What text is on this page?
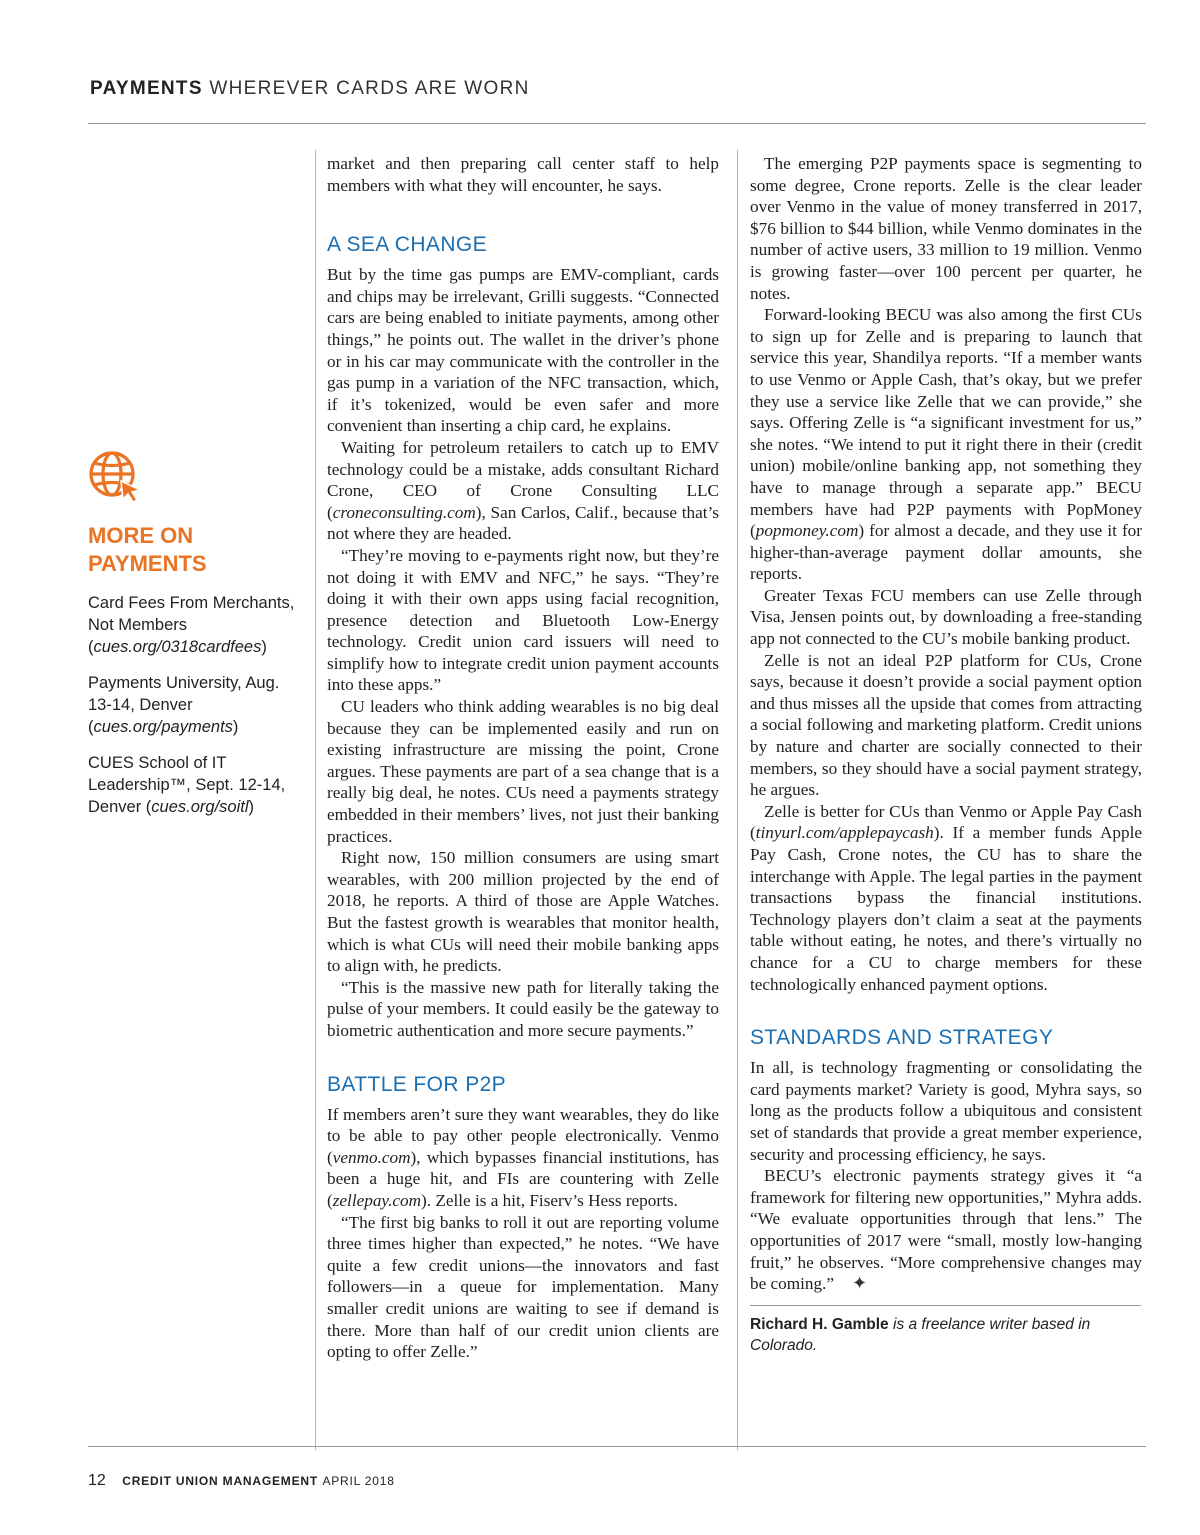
PAYMENTS WHEREVER CARDS ARE WORN
MORE ON PAYMENTS
Card Fees From Merchants, Not Members (cues.org/0318cardfees)
Payments University, Aug. 13-14, Denver (cues.org/payments)
CUES School of IT Leadership™, Sept. 12-14, Denver (cues.org/soitl)

market and then preparing call center staff to help members with what they will encounter, he says.

A SEA CHANGE

But by the time gas pumps are EMV-compliant, cards and chips may be irrelevant, Grilli suggests. “Connected cars are being enabled to initiate payments, among other things,” he points out. The wallet in the driver’s phone or in his car may communicate with the controller in the gas pump in a variation of the NFC transaction, which, if it’s tokenized, would be even safer and more convenient than inserting a chip card, he explains.

Waiting for petroleum retailers to catch up to EMV technology could be a mistake, adds consultant Richard Crone, CEO of Crone Consulting LLC (croneconsulting.com), San Carlos, Calif., because that’s not where they are headed.

“They’re moving to e-payments right now, but they’re not doing it with EMV and NFC,” he says. “They’re doing it with their own apps using facial recognition, presence detection and Bluetooth Low-Energy technology. Credit union card issuers will need to simplify how to integrate credit union payment accounts into these apps.”

CU leaders who think adding wearables is no big deal because they can be implemented easily and run on existing infrastructure are missing the point, Crone argues. These payments are part of a sea change that is a really big deal, he notes. CUs need a payments strategy embedded in their members’ lives, not just their banking practices.

Right now, 150 million consumers are using smart wearables, with 200 million projected by the end of 2018, he reports. A third of those are Apple Watches. But the fastest growth is wearables that monitor health, which is what CUs will need their mobile banking apps to align with, he predicts.

“This is the massive new path for literally taking the pulse of your members. It could easily be the gateway to biometric authentication and more secure payments.”

BATTLE FOR P2P

If members aren’t sure they want wearables, they do like to be able to pay other people electronically. Venmo (venmo.com), which bypasses financial institutions, has been a huge hit, and FIs are countering with Zelle (zellepay.com). Zelle is a hit, Fiserv’s Hess reports.

“The first big banks to roll it out are reporting volume three times higher than expected,” he notes. “We have quite a few credit unions—the innovators and fast followers—in a queue for implementation. Many smaller credit unions are waiting to see if demand is there. More than half of our credit union clients are opting to offer Zelle.”

The emerging P2P payments space is segmenting to some degree, Crone reports. Zelle is the clear leader over Venmo in the value of money transferred in 2017, $76 billion to $44 billion, while Venmo dominates in the number of active users, 33 million to 19 million. Venmo is growing faster—over 100 percent per quarter, he notes.

Forward-looking BECU was also among the first CUs to sign up for Zelle and is preparing to launch that service this year, Shandilya reports. “If a member wants to use Venmo or Apple Cash, that’s okay, but we prefer they use a service like Zelle that we can provide,” she says. Offering Zelle is “a significant investment for us,” she notes. “We intend to put it right there in their (credit union) mobile/online banking app, not something they have to manage through a separate app.” BECU members have had P2P payments with PopMoney (popmoney.com) for almost a decade, and they use it for higher-than-average payment dollar amounts, she reports.

Greater Texas FCU members can use Zelle through Visa, Jensen points out, by downloading a free-standing app not connected to the CU’s mobile banking product.

Zelle is not an ideal P2P platform for CUs, Crone says, because it doesn’t provide a social payment option and thus misses all the upside that comes from attracting a social following and marketing platform. Credit unions by nature and charter are socially connected to their members, so they should have a social payment strategy, he argues.

Zelle is better for CUs than Venmo or Apple Pay Cash (tinyurl.com/applepaycash). If a member funds Apple Pay Cash, Crone notes, the CU has to share the interchange with Apple. The legal parties in the payment transactions bypass the financial institutions. Technology players don’t claim a seat at the payments table without eating, he notes, and there’s virtually no chance for a CU to charge members for these technologically enhanced payment options.

STANDARDS AND STRATEGY

In all, is technology fragmenting or consolidating the card payments market? Variety is good, Myhra says, so long as the products follow a ubiquitous and consistent set of standards that provide a great member experience, security and processing efficiency, he says.

BECU’s electronic payments strategy gives it “a framework for filtering new opportunities,” Myhra adds. “We evaluate opportunities through that lens.” The opportunities of 2017 were “small, mostly low-hanging fruit,” he observes. “More comprehensive changes may be coming.” ✦

Richard H. Gamble is a freelance writer based in Colorado.
12 CREDIT UNION MANAGEMENT APRIL 2018
